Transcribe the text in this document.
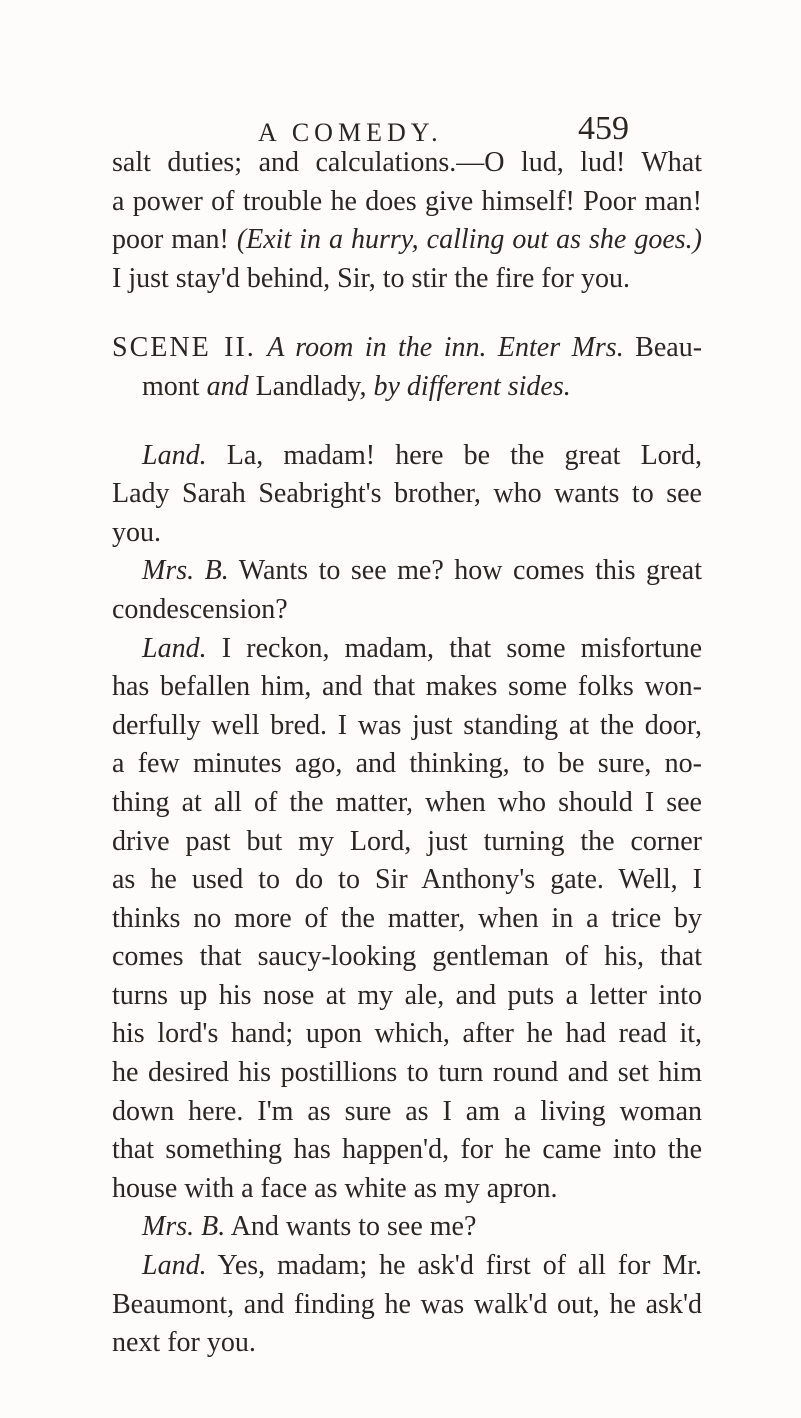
A COMEDY.	459
salt duties; and calculations.—O lud, lud! What
a power of trouble he does give himself! Poor man!
poor man! (Exit in a hurry, calling out as she goes.)
I just stay'd behind, Sir, to stir the fire for you.
SCENE II. A room in the inn. Enter Mrs. Beau-
mont and Landlady, by different sides.
Land. La, madam! here be the great Lord,
Lady Sarah Seabright's brother, who wants to see
you.
Mrs. B. Wants to see me? how comes this great
condescension?
Land. I reckon, madam, that some misfortune
has befallen him, and that makes some folks won-
derfully well bred. I was just standing at the door,
a few minutes ago, and thinking, to be sure, no-
thing at all of the matter, when who should I see
drive past but my Lord, just turning the corner
as he used to do to Sir Anthony's gate. Well, I
thinks no more of the matter, when in a trice by
comes that saucy-looking gentleman of his, that
turns up his nose at my ale, and puts a letter into
his lord's hand; upon which, after he had read it,
he desired his postillions to turn round and set him
down here. I'm as sure as I am a living woman
that something has happen'd, for he came into the
house with a face as white as my apron.
Mrs. B. And wants to see me?
Land. Yes, madam; he ask'd first of all for Mr.
Beaumont, and finding he was walk'd out, he ask'd
next for you.
